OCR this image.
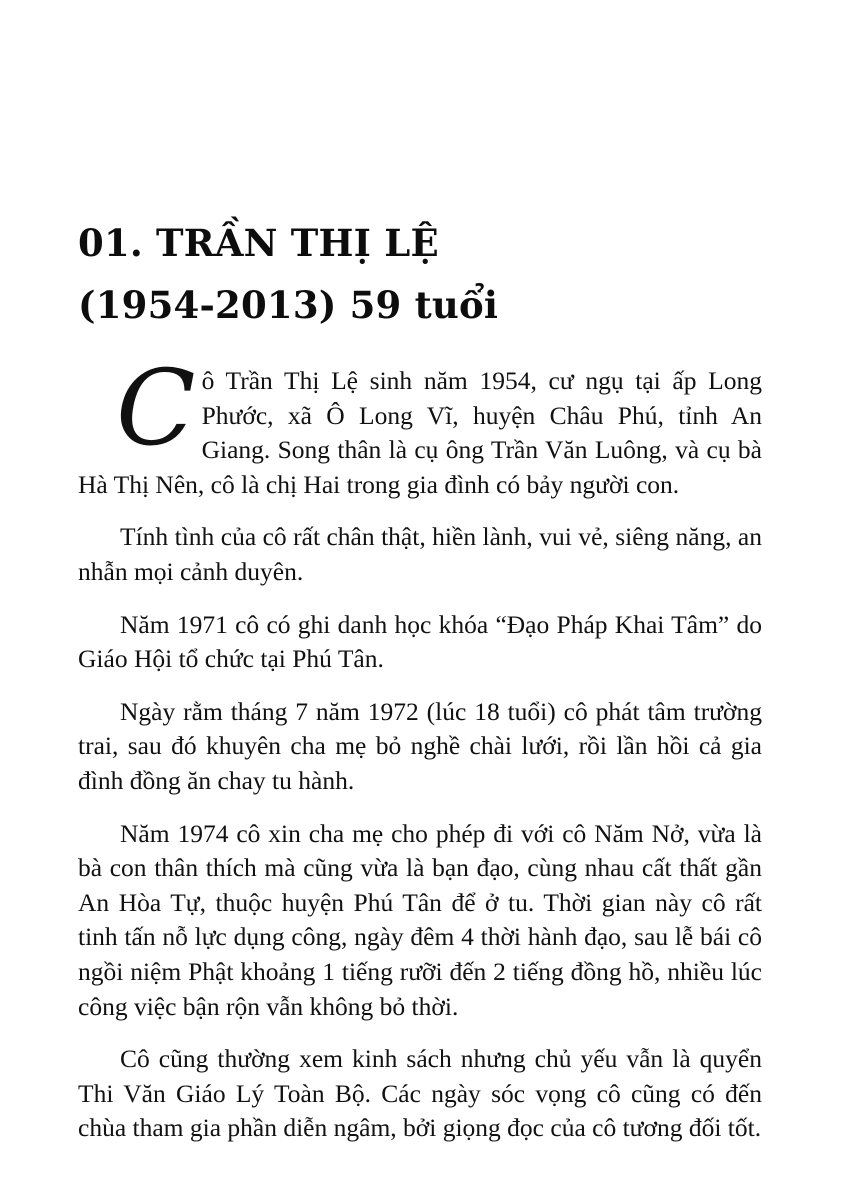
01. TRẦN THỊ LỆ
(1954-2013) 59 tuổi

C ô Trần Thị Lệ sinh năm 1954, cư ngụ tại ấp Long Phước, xã Ô Long Vĩ, huyện Châu Phú, tỉnh An Giang. Song thân là cụ ông Trần Văn Luông, và cụ bà Hà Thị Nên, cô là chị Hai trong gia đình có bảy người con.

Tính tình của cô rất chân thật, hiền lành, vui vẻ, siêng năng, an nhẫn mọi cảnh duyên.

Năm 1971 cô có ghi danh học khóa “Đạo Pháp Khai Tâm” do Giáo Hội tổ chức tại Phú Tân.

Ngày rằm tháng 7 năm 1972 (lúc 18 tuổi) cô phát tâm trường trai, sau đó khuyên cha mẹ bỏ nghề chài lưới, rồi lần hồi cả gia đình đồng ăn chay tu hành.

Năm 1974 cô xin cha mẹ cho phép đi với cô Năm Nở, vừa là bà con thân thích mà cũng vừa là bạn đạo, cùng nhau cất thất gần An Hòa Tự, thuộc huyện Phú Tân để ở tu. Thời gian này cô rất tinh tấn nỗ lực dụng công, ngày đêm 4 thời hành đạo, sau lễ bái cô ngồi niệm Phật khoảng 1 tiếng rưỡi đến 2 tiếng đồng hồ, nhiều lúc công việc bận rộn vẫn không bỏ thời.

Cô cũng thường xem kinh sách nhưng chủ yếu vẫn là quyển Thi Văn Giáo Lý Toàn Bộ. Các ngày sóc vọng cô cũng có đến chùa tham gia phần diễn ngâm, bởi giọng đọc của cô tương đối tốt.
